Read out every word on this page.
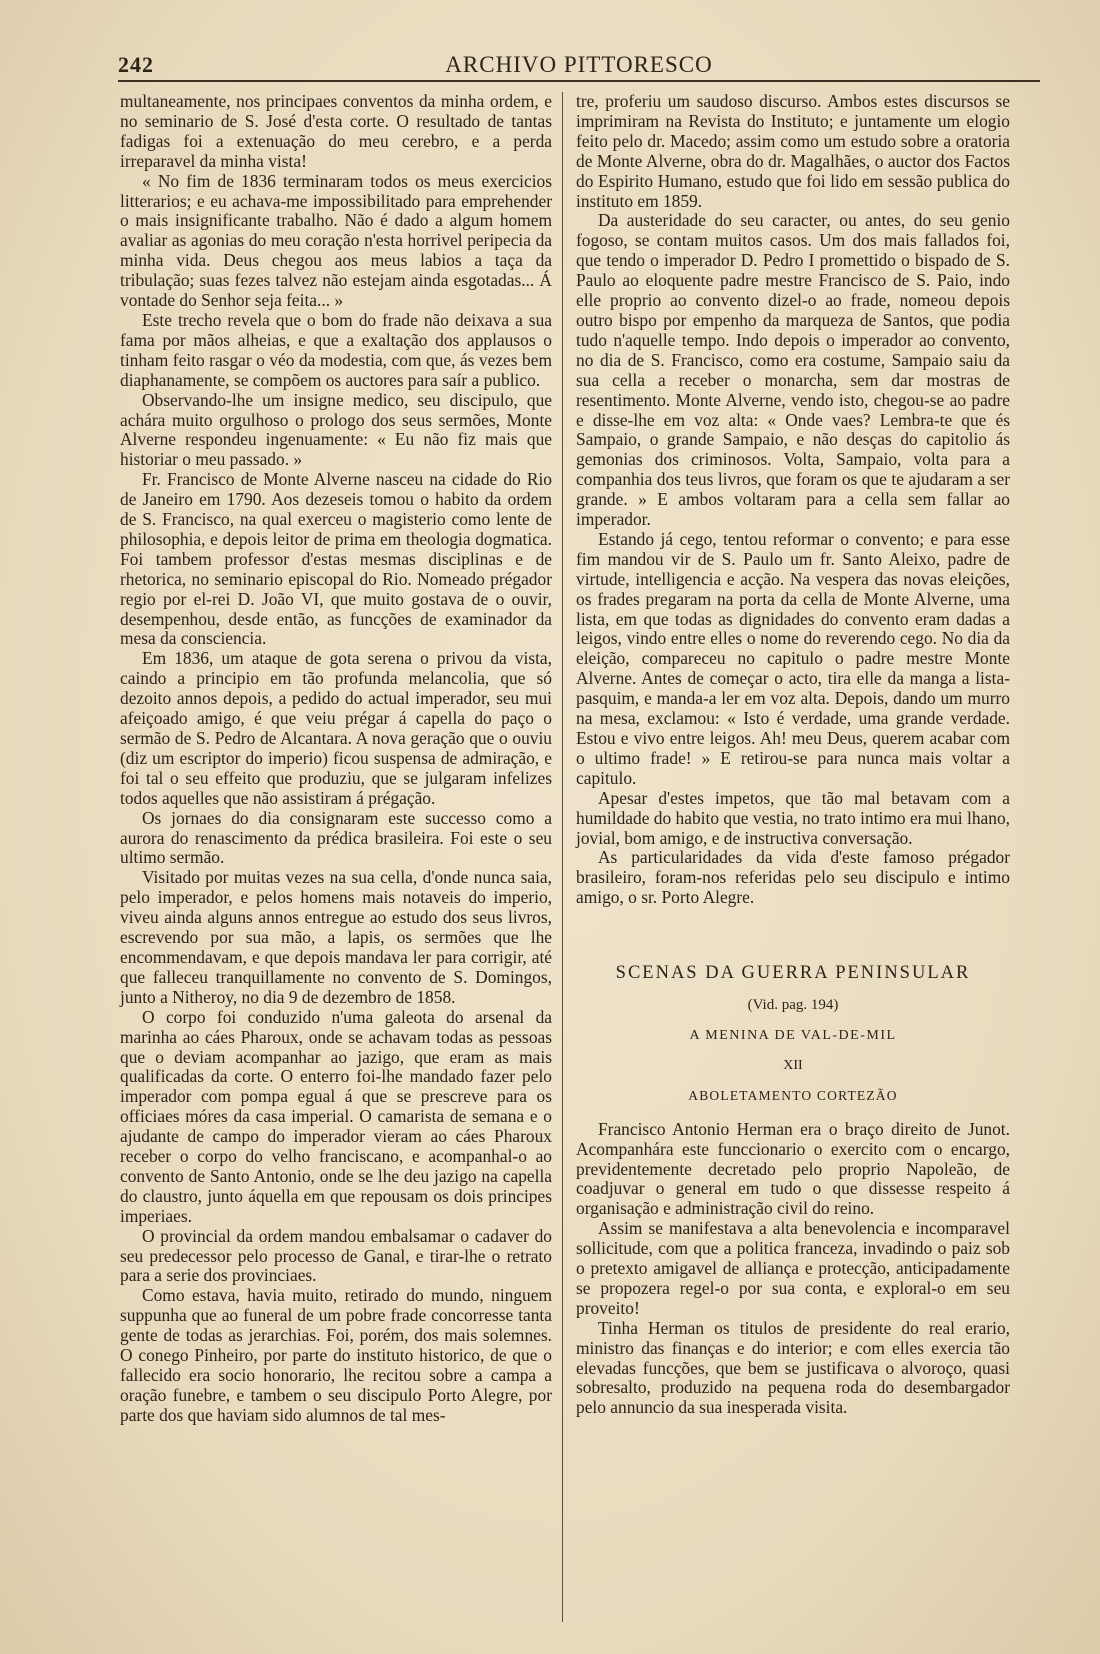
242	ARCHIVO PITTORESCO

multaneamente, nos principaes conventos da minha ordem, e no seminario de S. José d'esta corte. O resultado de tantas fadigas foi a extenuação do meu cerebro, e a perda irreparavel da minha vista!

« No fim de 1836 terminaram todos os meus exercicios litterarios; e eu achava-me impossibilitado para emprehender o mais insignificante trabalho. Não é dado a algum homem avaliar as agonias do meu coração n'esta horrivel peripecia da minha vida. Deus chegou aos meus labios a taça da tribulação; suas fezes talvez não estejam ainda esgotadas... Á vontade do Senhor seja feita... »

Este trecho revela que o bom do frade não deixava a sua fama por mãos alheias, e que a exaltação dos applausos o tinham feito rasgar o véo da modestia, com que, ás vezes bem diaphanamente, se compõem os auctores para saír a publico.

Observando-lhe um insigne medico, seu discipulo, que achára muito orgulhoso o prologo dos seus sermões, Monte Alverne respondeu ingenuamente: « Eu não fiz mais que historiar o meu passado. »

Fr. Francisco de Monte Alverne nasceu na cidade do Rio de Janeiro em 1790. Aos dezeseis tomou o habito da ordem de S. Francisco, na qual exerceu o magisterio como lente de philosophia, e depois leitor de prima em theologia dogmatica. Foi tambem professor d'estas mesmas disciplinas e de rhetorica, no seminario episcopal do Rio. Nomeado prégador regio por el-rei D. João VI, que muito gostava de o ouvir, desempenhou, desde então, as funcções de examinador da mesa da consciencia.

Em 1836, um ataque de gota serena o privou da vista, caindo a principio em tão profunda melancolia, que só dezoito annos depois, a pedido do actual imperador, seu mui afeiçoado amigo, é que veiu prégar á capella do paço o sermão de S. Pedro de Alcantara. A nova geração que o ouviu (diz um escriptor do imperio) ficou suspensa de admiração, e foi tal o seu effeito que produziu, que se julgaram infelizes todos aquelles que não assistiram á prégação.

Os jornaes do dia consignaram este successo como a aurora do renascimento da prédica brasileira. Foi este o seu ultimo sermão.

Visitado por muitas vezes na sua cella, d'onde nunca saia, pelo imperador, e pelos homens mais notaveis do imperio, viveu ainda alguns annos entregue ao estudo dos seus livros, escrevendo por sua mão, a lapis, os sermões que lhe encommendavam, e que depois mandava ler para corrigir, até que falleceu tranquillamente no convento de S. Domingos, junto a Nitheroy, no dia 9 de dezembro de 1858.

O corpo foi conduzido n'uma galeota do arsenal da marinha ao cáes Pharoux, onde se achavam todas as pessoas que o deviam acompanhar ao jazigo, que eram as mais qualificadas da corte. O enterro foi-lhe mandado fazer pelo imperador com pompa egual á que se prescreve para os officiaes móres da casa imperial. O camarista de semana e o ajudante de campo do imperador vieram ao cáes Pharoux receber o corpo do velho franciscano, e acompanhal-o ao convento de Santo Antonio, onde se lhe deu jazigo na capella do claustro, junto áquella em que repousam os dois principes imperiaes.

O provincial da ordem mandou embalsamar o cadaver do seu predecessor pelo processo de Ganal, e tirar-lhe o retrato para a serie dos provinciaes.

Como estava, havia muito, retirado do mundo, ninguem suppunha que ao funeral de um pobre frade concorresse tanta gente de todas as jerarchias. Foi, porém, dos mais solemnes. O conego Pinheiro, por parte do instituto historico, de que o fallecido era socio honorario, lhe recitou sobre a campa a oração funebre, e tambem o seu discipulo Porto Alegre, por parte dos que haviam sido alumnos de tal mes-

tre, proferiu um saudoso discurso. Ambos estes discursos se imprimiram na Revista do Instituto; e juntamente um elogio feito pelo dr. Macedo; assim como um estudo sobre a oratoria de Monte Alverne, obra do dr. Magalhães, o auctor dos Factos do Espirito Humano, estudo que foi lido em sessão publica do instituto em 1859.

Da austeridade do seu caracter, ou antes, do seu genio fogoso, se contam muitos casos. Um dos mais fallados foi, que tendo o imperador D. Pedro I promettido o bispado de S. Paulo ao eloquente padre mestre Francisco de S. Paio, indo elle proprio ao convento dizel-o ao frade, nomeou depois outro bispo por empenho da marqueza de Santos, que podia tudo n'aquelle tempo. Indo depois o imperador ao convento, no dia de S. Francisco, como era costume, Sampaio saiu da sua cella a receber o monarcha, sem dar mostras de resentimento. Monte Alverne, vendo isto, chegou-se ao padre e disse-lhe em voz alta: « Onde vaes? Lembra-te que és Sampaio, o grande Sampaio, e não desças do capitolio ás gemonias dos criminosos. Volta, Sampaio, volta para a companhia dos teus livros, que foram os que te ajudaram a ser grande. » E ambos voltaram para a cella sem fallar ao imperador.

Estando já cego, tentou reformar o convento; e para esse fim mandou vir de S. Paulo um fr. Santo Aleixo, padre de virtude, intelligencia e acção. Na vespera das novas eleições, os frades pregaram na porta da cella de Monte Alverne, uma lista, em que todas as dignidades do convento eram dadas a leigos, vindo entre elles o nome do reverendo cego. No dia da eleição, compareceu no capitulo o padre mestre Monte Alverne. Antes de começar o acto, tira elle da manga a lista-pasquim, e manda-a ler em voz alta. Depois, dando um murro na mesa, exclamou: « Isto é verdade, uma grande verdade. Estou e vivo entre leigos. Ah! meu Deus, querem acabar com o ultimo frade! » E retirou-se para nunca mais voltar a capitulo.

Apesar d'estes impetos, que tão mal betavam com a humildade do habito que vestia, no trato intimo era mui lhano, jovial, bom amigo, e de instructiva conversação.

As particularidades da vida d'este famoso prégador brasileiro, foram-nos referidas pelo seu discipulo e intimo amigo, o sr. Porto Alegre.

SCENAS DA GUERRA PENINSULAR
(Vid. pag. 194)
A MENINA DE VAL-DE-MIL
XII
ABOLETAMENTO CORTEZÃO

Francisco Antonio Herman era o braço direito de Junot. Acompanhára este funccionario o exercito com o encargo, previdentemente decretado pelo proprio Napoleão, de coadjuvar o general em tudo o que dissesse respeito á organisação e administração civil do reino.

Assim se manifestava a alta benevolencia e incomparavel sollicitude, com que a politica franceza, invadindo o paiz sob o pretexto amigavel de alliança e protecção, anticipadamente se propozera regel-o por sua conta, e exploral-o em seu proveito!

Tinha Herman os titulos de presidente do real erario, ministro das finanças e do interior; e com elles exercia tão elevadas funcções, que bem se justificava o alvoroço, quasi sobresalto, produzido na pequena roda do desembargador pelo annuncio da sua inesperada visita.
